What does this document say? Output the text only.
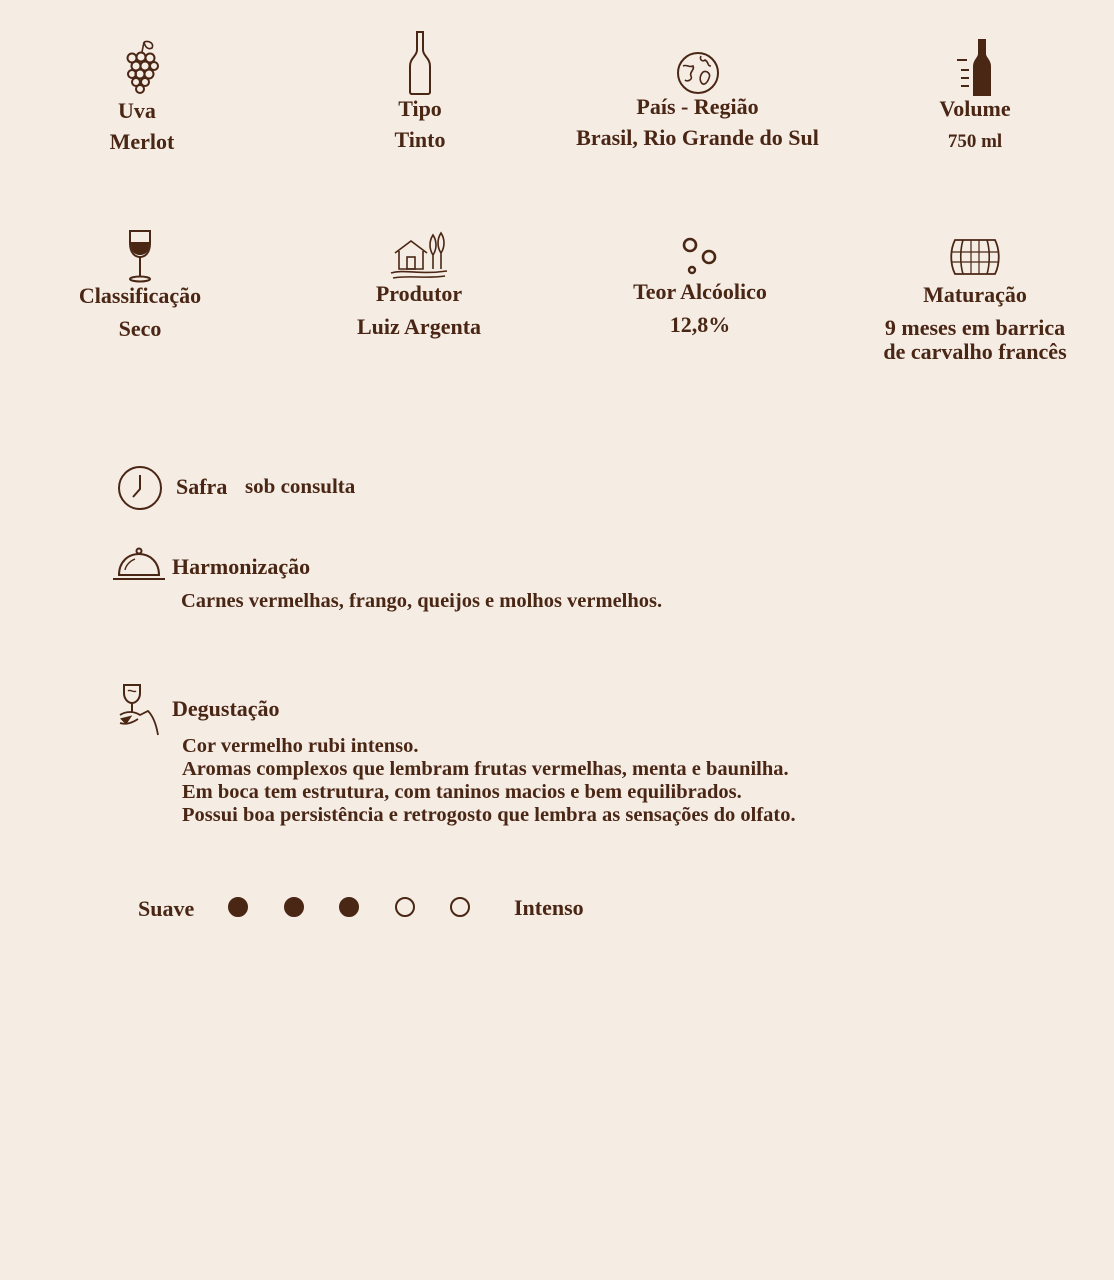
Uva
Merlot
Tipo
Tinto
País - Região
Brasil, Rio Grande do Sul
Volume
750 ml
Classificação
Seco
Produtor
Luiz Argenta
Teor Alcóolico
12,8%
Maturação
9 meses em barrica
de carvalho francês
Safra sob consulta
Harmonização
Carnes vermelhas, frango, queijos e molhos vermelhos.
Degustação
Cor vermelho rubi intenso.
Aromas complexos que lembram frutas vermelhas, menta e baunilha.
Em boca tem estrutura, com taninos macios e bem equilibrados.
Possui boa persistência e retrogosto que lembra as sensações do olfato.
Suave	Intenso
